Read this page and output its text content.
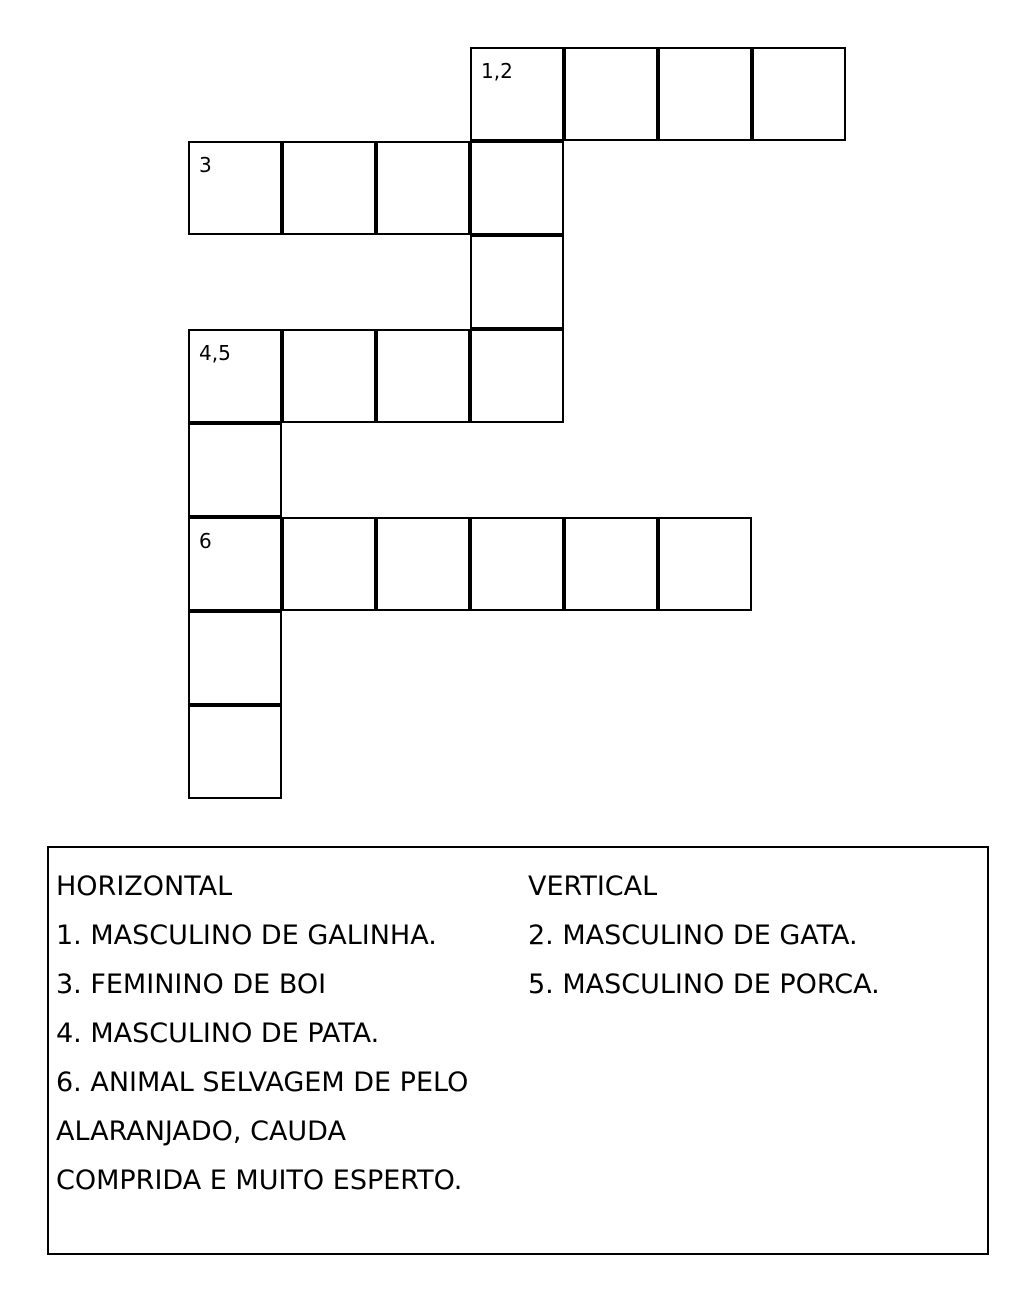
1,2
3
4,5
6
HORIZONTAL
1. MASCULINO DE GALINHA.
3. FEMININO DE BOI
4. MASCULINO DE PATA.
6. ANIMAL SELVAGEM DE PELO
ALARANJADO, CAUDA
COMPRIDA E MUITO ESPERTO.
VERTICAL
2. MASCULINO DE GATA.
5. MASCULINO DE PORCA.
